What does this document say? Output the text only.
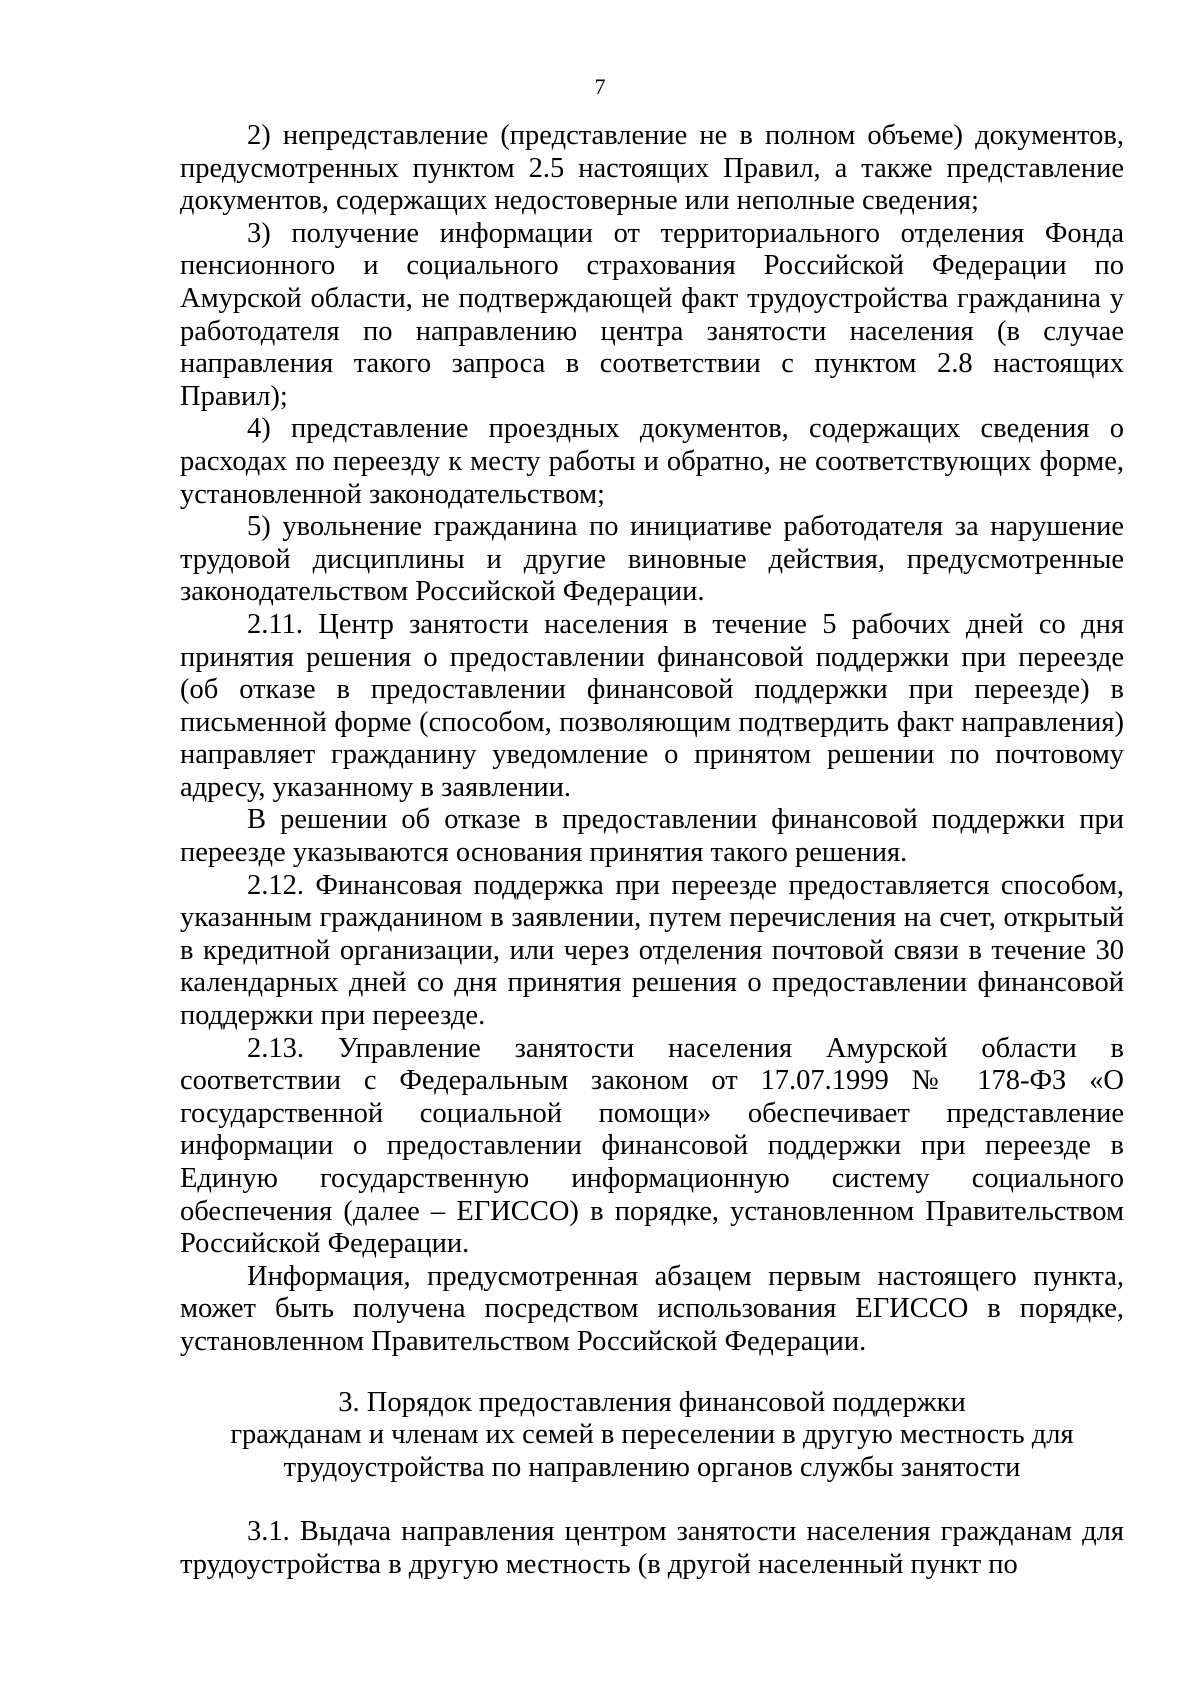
7

2) непредставление (представление не в полном объеме) документов, предусмотренных пунктом 2.5 настоящих Правил, а также представление документов, содержащих недостоверные или неполные сведения;

3) получение информации от территориального отделения Фонда пенсионного и социального страхования Российской Федерации по Амурской области, не подтверждающей факт трудоустройства гражданина у работодателя по направлению центра занятости населения (в случае направления такого запроса в соответствии с пунктом 2.8 настоящих Правил);

4) представление проездных документов, содержащих сведения о расходах по переезду к месту работы и обратно, не соответствующих форме, установленной законодательством;

5) увольнение гражданина по инициативе работодателя за нарушение трудовой дисциплины и другие виновные действия, предусмотренные законодательством Российской Федерации.

2.11. Центр занятости населения в течение 5 рабочих дней со дня принятия решения о предоставлении финансовой поддержки при переезде (об отказе в предоставлении финансовой поддержки при переезде) в письменной форме (способом, позволяющим подтвердить факт направления) направляет гражданину уведомление о принятом решении по почтовому адресу, указанному в заявлении.

В решении об отказе в предоставлении финансовой поддержки при переезде указываются основания принятия такого решения.

2.12. Финансовая поддержка при переезде предоставляется способом, указанным гражданином в заявлении, путем перечисления на счет, открытый в кредитной организации, или через отделения почтовой связи в течение 30 календарных дней со дня принятия решения о предоставлении финансовой поддержки при переезде.

2.13. Управление занятости населения Амурской области в соответствии с Федеральным законом от 17.07.1999 № 178-ФЗ «О государственной социальной помощи» обеспечивает представление информации о предоставлении финансовой поддержки при переезде в Единую государственную информационную систему социального обеспечения (далее – ЕГИССО) в порядке, установленном Правительством Российской Федерации.

Информация, предусмотренная абзацем первым настоящего пункта, может быть получена посредством использования ЕГИССО в порядке, установленном Правительством Российской Федерации.

3. Порядок предоставления финансовой поддержки
гражданам и членам их семей в переселении в другую местность для
трудоустройства по направлению органов службы занятости

3.1. Выдача направления центром занятости населения гражданам для трудоустройства в другую местность (в другой населенный пункт по
